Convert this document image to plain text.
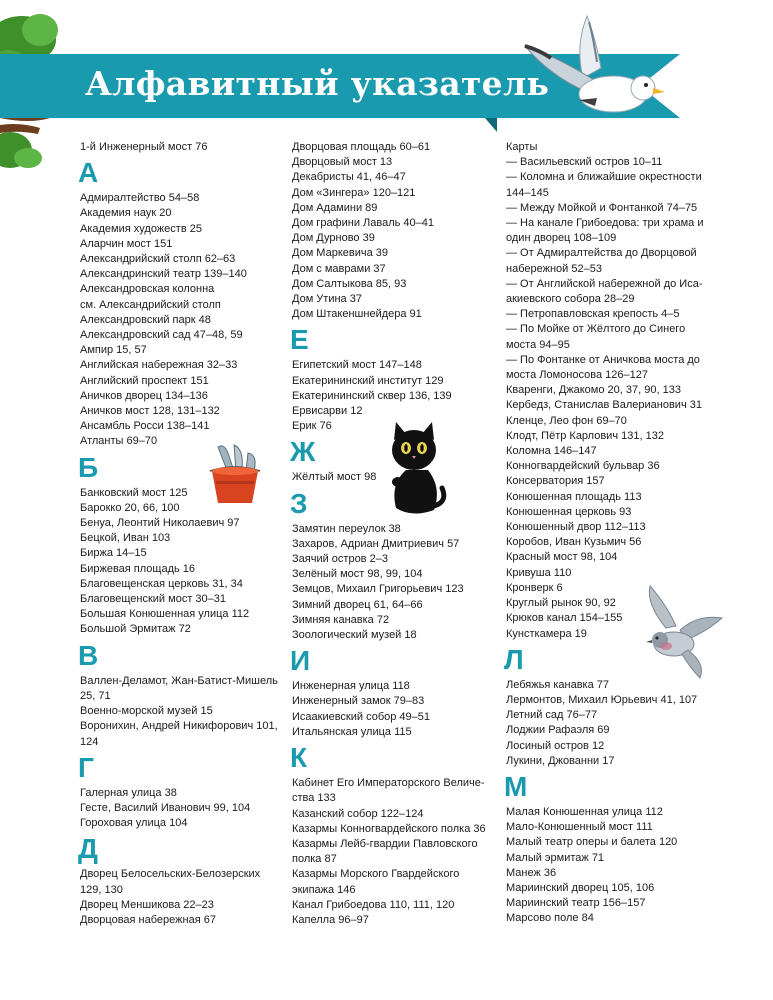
Алфавитный указатель
1-й Инженерный мост 76
А
Адмиралтейство 54–58
Академия наук 20
Академия художеств 25
Аларчин мост 151
Александрийский столп 62–63
Александринский театр 139–140
Александровская колонна
см. Александрийский столп
Александровский парк 48
Александровский сад 47–48, 59
Ампир 15, 57
Английская набережная 32–33
Английский проспект 151
Аничков дворец 134–136
Аничков мост 128, 131–132
Ансамбль Росси 138–141
Атланты 69–70
Б
Банковский мост 125
Барокко 20, 66, 100
Бенуа, Леонтий Николаевич 97
Бецкой, Иван 103
Биржа 14–15
Биржевая площадь 16
Благовещенская церковь 31, 34
Благовещенский мост 30–31
Большая Конюшенная улица 112
Большой Эрмитаж 72
В
Валлен-Деламот, Жан-Батист-Мишель
25, 71
Военно-морской музей 15
Воронихин, Андрей Никифорович 101,
124
Г
Галерная улица 38
Гесте, Василий Иванович 99, 104
Гороховая улица 104
Д
Дворец Белосельских-Белозерских
129, 130
Дворец Меншикова 22–23
Дворцовая набережная 67
Дворцовая площадь 60–61
Дворцовый мост 13
Декабристы 41, 46–47
Дом «Зингера» 120–121
Дом Адамини 89
Дом графини Лаваль 40–41
Дом Дурново 39
Дом Маркевича 39
Дом с маврами 37
Дом Салтыкова 85, 93
Дом Утина 37
Дом Штакеншнейдера 91
Е
Египетский мост 147–148
Екатерининский институт 129
Екатерининский сквер 136, 139
Ервисарви 12
Ерик 76
Ж
Жёлтый мост 98
З
Замятин переулок 38
Захаров, Адриан Дмитриевич 57
Заячий остров 2–3
Зелёный мост 98, 99, 104
Земцов, Михаил Григорьевич 123
Зимний дворец 61, 64–66
Зимняя канавка 72
Зоологический музей 18
И
Инженерная улица 118
Инженерный замок 79–83
Исаакиевский собор 49–51
Итальянская улица 115
К
Кабинет Его Императорского Величе-
ства 133
Казанский собор 122–124
Казармы Конногвардейского полка 36
Казармы Лейб-гвардии Павловского
полка 87
Казармы Морского Гвардейского
экипажа 146
Канал Грибоедова 110, 111, 120
Капелла 96–97
Карты
— Васильевский остров 10–11
— Коломна и ближайшие окрестности
144–145
— Между Мойкой и Фонтанкой 74–75
— На канале Грибоедова: три храма и
один дворец 108–109
— От Адмиралтейства до Дворцовой
набережной 52–53
— От Английской набережной до Иса-
акиевского собора 28–29
— Петропавловская крепость 4–5
— По Мойке от Жёлтого до Синего
моста 94–95
— По Фонтанке от Аничкова моста до
моста Ломоносова 126–127
Кваренги, Джакомо 20, 37, 90, 133
Кербедз, Станислав Валерианович 31
Кленце, Лео фон 69–70
Клодт, Пётр Карлович 131, 132
Коломна 146–147
Конногвардейский бульвар 36
Консерватория 157
Конюшенная площадь 113
Конюшенная церковь 93
Конюшенный двор 112–113
Коробов, Иван Кузьмич 56
Красный мост 98, 104
Кривуша 110
Кронверк 6
Круглый рынок 90, 92
Крюков канал 154–155
Кунсткамера 19
Л
Лебяжья канавка 77
Лермонтов, Михаил Юрьевич 41, 107
Летний сад 76–77
Лоджии Рафаэля 69
Лосиный остров 12
Лукини, Джованни 17
М
Малая Конюшенная улица 112
Мало-Конюшенный мост 111
Малый театр оперы и балета 120
Малый эрмитаж 71
Манеж 36
Мариинский дворец 105, 106
Мариинский театр 156–157
Марсово поле 84
